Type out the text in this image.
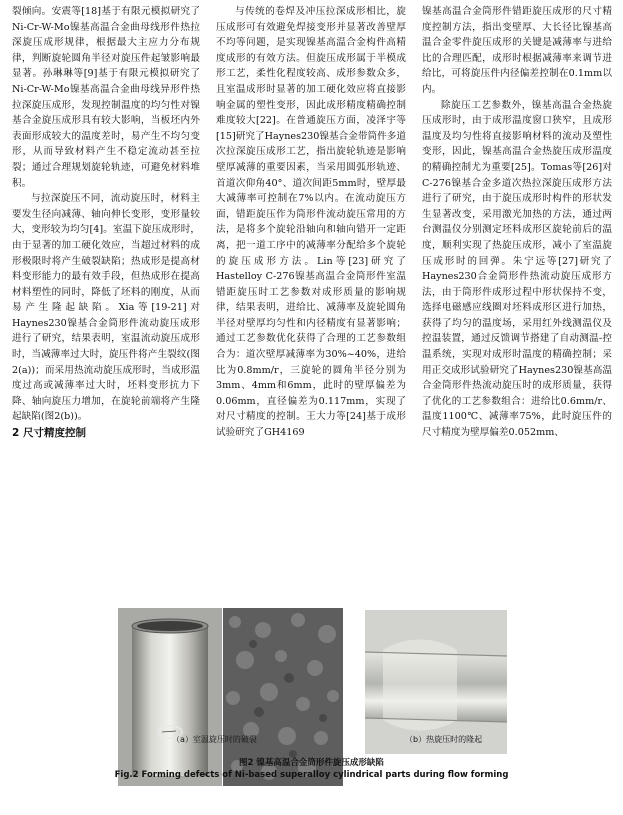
裂倾向。安震等[18]基于有限元模拟研究了Ni-Cr-W-Mo镍基高温合金曲母线形件热拉深旋压成形规律，根据最大主应力分布规律，判断旋轮圆角半径对旋压件起皱影响最显著。孙琳琳等[9]基于有限元模拟研究了Ni-Cr-W-Mo镍基高温合金曲母线异形件热拉深旋压成形，发现控制温度的均匀性对镍基合金旋压成形具有较大影响，当板坯内外表面形成较大的温度差时，易产生不均匀变形，从而导致材料产生不稳定流动甚至拉裂；通过合理规划旋轮轨迹，可避免材料堆积。

与拉深旋压不同，流动旋压时，材料主要发生径向减薄、轴向伸长变形，变形量较大，变形较为均匀[4]。室温下旋压成形时，由于显著的加工硬化效应，当超过材料的成形极限时将产生破裂缺陷；热成形是提高材料变形能力的最有效手段，但热成形在提高材料塑性的同时，降低了坯料的刚度，从而易产生隆起缺陷。Xia等[19-21]对Haynes230镍基合金筒形件流动旋压成形进行了研究，结果表明，室温流动旋压成形时，当减薄率过大时，旋压件将产生裂纹(图2(a))；而采用热流动旋压成形时，当成形温度过高或减薄率过大时，坯料变形抗力下降、轴向旋压力增加，在旋轮前端将产生隆起缺陷(图2(b))。

2 尺寸精度控制

与传统的卷焊及冲压拉深成形相比，旋压成形可有效避免焊接变形并显著改善壁厚不均等问题，是实现镍基高温合金构件高精度成形的有效方法。但旋压成形属于半模成形工艺，柔性化程度较高、成形参数众多，且室温成形时显著的加工硬化效应将直接影响金属的塑性变形，因此成形精度精确控制难度较大[22]。在普通旋压方面，凌泽宇等[15]研究了Haynes230镍基合金带筒件多道次拉深旋压成形工艺，指出旋轮轨迹是影响壁厚减薄的重要因素，当采用圆弧形轨迹、首道次仰角40°、道次间距5mm时，壁厚最大减薄率可控制在7%以内。在流动旋压方面，错距旋压作为筒形件流动旋压常用的方法，是将多个旋轮沿轴向和轴向错开一定距离，把一道工序中的减薄率分配给多个旋轮的旋压成形方法。Lin等[23]研究了Hastelloy C-276镍基高温合金筒形件室温错距旋压时工艺参数对成形质量的影响规律，结果表明，进给比、减薄率及旋轮圆角半径对壁厚均匀性和内径精度有显著影响；通过工艺参数优化获得了合理的工艺参数组合为：道次壁厚减薄率为30%~40%，进给比为0.8mm/r，三旋轮的圆角半径分别为3mm、4mm和6mm，此时的壁厚偏差为0.06mm，直径偏差为0.117mm，实现了对尺寸精度的控制。王大力等[24]基于成形试验研究了GH4169

镍基高温合金筒形件错距旋压成形的尺寸精度控制方法，指出变壁厚、大长径比镍基高温合金零件旋压成形的关键是减薄率与进给比的合理匹配，成形时根据减薄率来调节进给比，可将旋压件内径偏差控制在0.1mm以内。

除旋压工艺参数外，镍基高温合金热旋压成形时，由于成形温度窗口狭窄，且成形温度及均匀性将直接影响材料的流动及塑性变形，因此，镍基高温合金热旋压成形温度的精确控制尤为重要[25]。Tomas等[26]对C-276镍基合金多道次热拉深旋压成形方法进行了研究，由于旋压成形时构件的形状发生显著改变，采用激光加热的方法，通过两台测温仪分别测定坯料成形区旋轮前后的温度，顺利实现了热旋压成形，减小了室温旋压成形时的回弹。朱宁远等[27]研究了Haynes230合金筒形件热流动旋压成形方法，由于筒形件成形过程中形状保持不变，选择电磁感应线圈对坯料成形区进行加热，获得了均匀的温度场，采用红外线测温仪及控温装置，通过反馈调节搭建了自动测温-控温系统，实现对成形时温度的精确控制；采用正交成形试验研究了Haynes230镍基高温合金筒形件热流动旋压时的成形质量，获得了优化的工艺参数组合：进给比0.6mm/r、温度1100℃、减薄率75%，此时旋压件的尺寸精度为壁厚偏差0.052mm、

（a）室温旋压时的破裂	（b）热旋压时的隆起
图2 镍基高温合金筒形件旋压成形缺陷
Fig.2 Forming defects of Ni-based superalloy cylindrical parts during flow forming
